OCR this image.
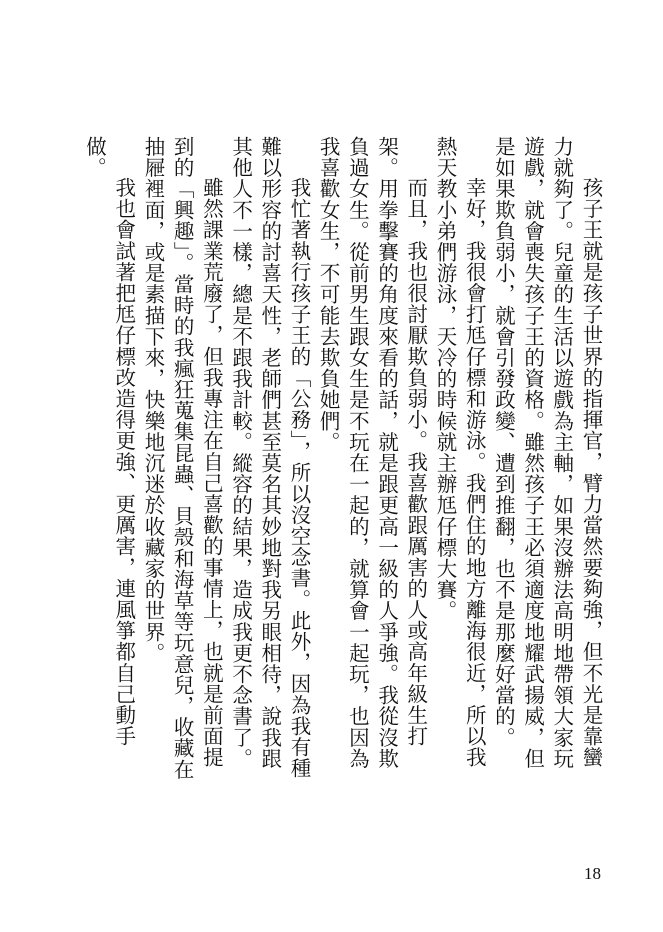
孩子王就是孩子世界的指揮官，臂力當然要夠強，但不光是靠蠻力就夠了。兒童的生活以遊戲為主軸，如果沒辦法高明地帶領大家玩遊戲，就會喪失孩子王的資格。雖然孩子王必須適度地耀武揚威，但是如果欺負弱小，就會引發政變、遭到推翻，也不是那麼好當的。

幸好，我很會打尪仔標和游泳。我們住的地方離海很近，所以我熱天教小弟們游泳，天冷的時候就主辦尪仔標大賽。

而且，我也很討厭欺負弱小。我喜歡跟厲害的人或高年級生打架。用拳擊賽的角度來看的話，就是跟更高一級的人爭強。我從沒欺負過女生。從前男生跟女生是不玩在一起的，就算會一起玩，也因為我喜歡女生，不可能去欺負她們。

我忙著執行孩子王的「公務」，所以沒空念書。此外，因為我有種難以形容的討喜天性，老師們甚至莫名其妙地對我另眼相待，說我跟其他人不一樣，總是不跟我計較。縱容的結果，造成我更不念書了。

雖然課業荒廢了，但我專注在自己喜歡的事情上，也就是前面提到的「興趣」。當時的我瘋狂蒐集昆蟲、貝殼和海草等玩意兒，收藏在抽屜裡面，或是素描下來，快樂地沉迷於收藏家的世界。

我也會試著把尪仔標改造得更強、更厲害，連風箏都自己動手做。

18
